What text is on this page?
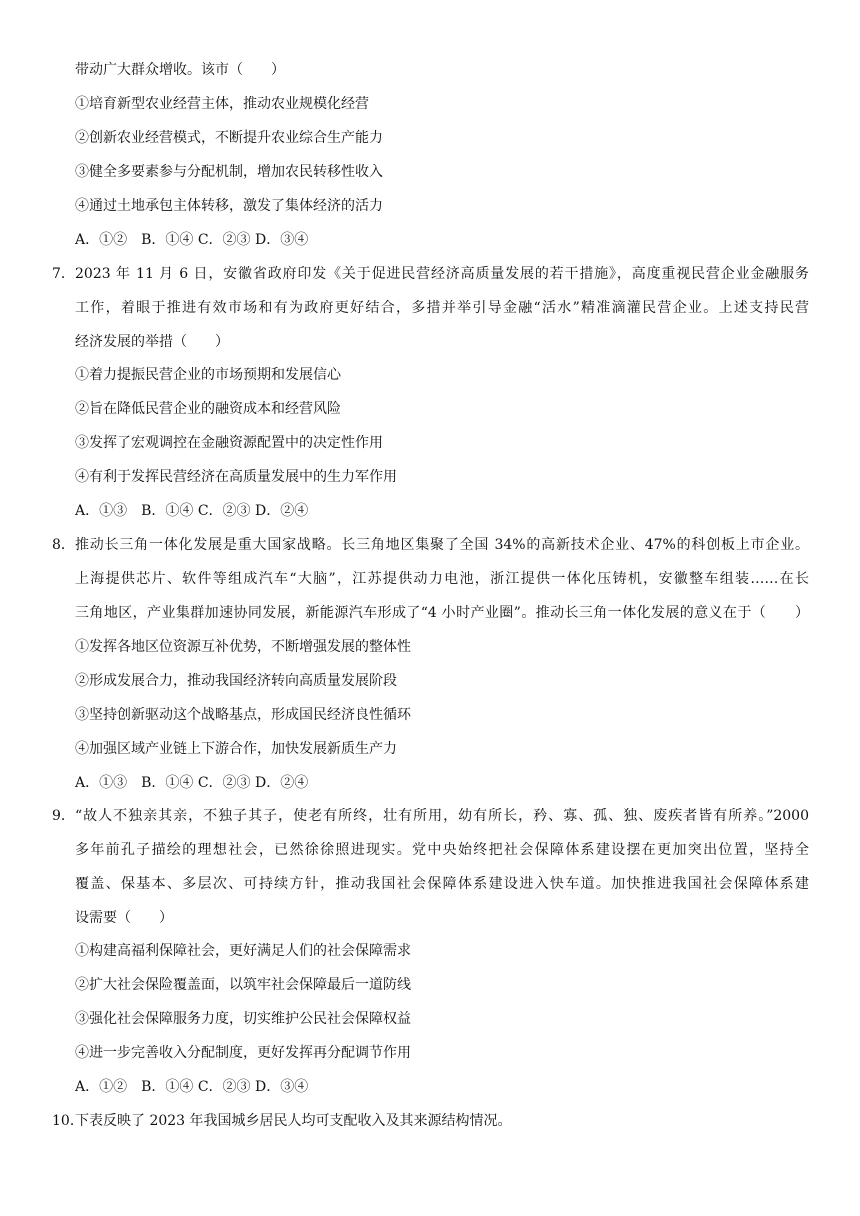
带动广大群众增收。该市（　　）
①培育新型农业经营主体，推动农业规模化经营
②创新农业经营模式，不断提升农业综合生产能力
③健全多要素参与分配机制，增加农民转移性收入
④通过土地承包主体转移，激发了集体经济的活力
A．①②　B．①④ C．②③ D．③④
7． 2023 年 11 月 6 日，安徽省政府印发《关于促进民营经济高质量发展的若干措施》，高度重视民营企业金融服务
工作，着眼于推进有效市场和有为政府更好结合，多措并举引导金融“活水”精准滴灌民营企业。上述支持民营
经济发展的举措（　　）
①着力提振民营企业的市场预期和发展信心
②旨在降低民营企业的融资成本和经营风险
③发挥了宏观调控在金融资源配置中的决定性作用
④有利于发挥民营经济在高质量发展中的生力军作用
A．①③　B．①④ C．②③ D．②④
8． 推动长三角一体化发展是重大国家战略。长三角地区集聚了全国 34%的高新技术企业、47%的科创板上市企业。
上海提供芯片、软件等组成汽车“大脑”，江苏提供动力电池，浙江提供一体化压铸机，安徽整车组装……在长
三角地区，产业集群加速协同发展，新能源汽车形成了“4 小时产业圈”。推动长三角一体化发展的意义在于（　　）
①发挥各地区位资源互补优势，不断增强发展的整体性
②形成发展合力，推动我国经济转向高质量发展阶段
③坚持创新驱动这个战略基点，形成国民经济良性循环
④加强区域产业链上下游合作，加快发展新质生产力
A．①③　B．①④ C．②③ D．②④
9． “故人不独亲其亲，不独子其子，使老有所终，壮有所用，幼有所长，矜、寡、孤、独、废疾者皆有所养。”2000
多年前孔子描绘的理想社会，已然徐徐照进现实。党中央始终把社会保障体系建设摆在更加突出位置，坚持全
覆盖、保基本、多层次、可持续方针，推动我国社会保障体系建设进入快车道。加快推进我国社会保障体系建
设需要（　　）
①构建高福利保障社会，更好满足人们的社会保障需求
②扩大社会保险覆盖面，以筑牢社会保障最后一道防线
③强化社会保障服务力度，切实维护公民社会保障权益
④进一步完善收入分配制度，更好发挥再分配调节作用
A．①②　B．①④ C．②③ D．③④
10．
下表反映了 2023 年我国城乡居民人均可支配收入及其来源结构情况。
